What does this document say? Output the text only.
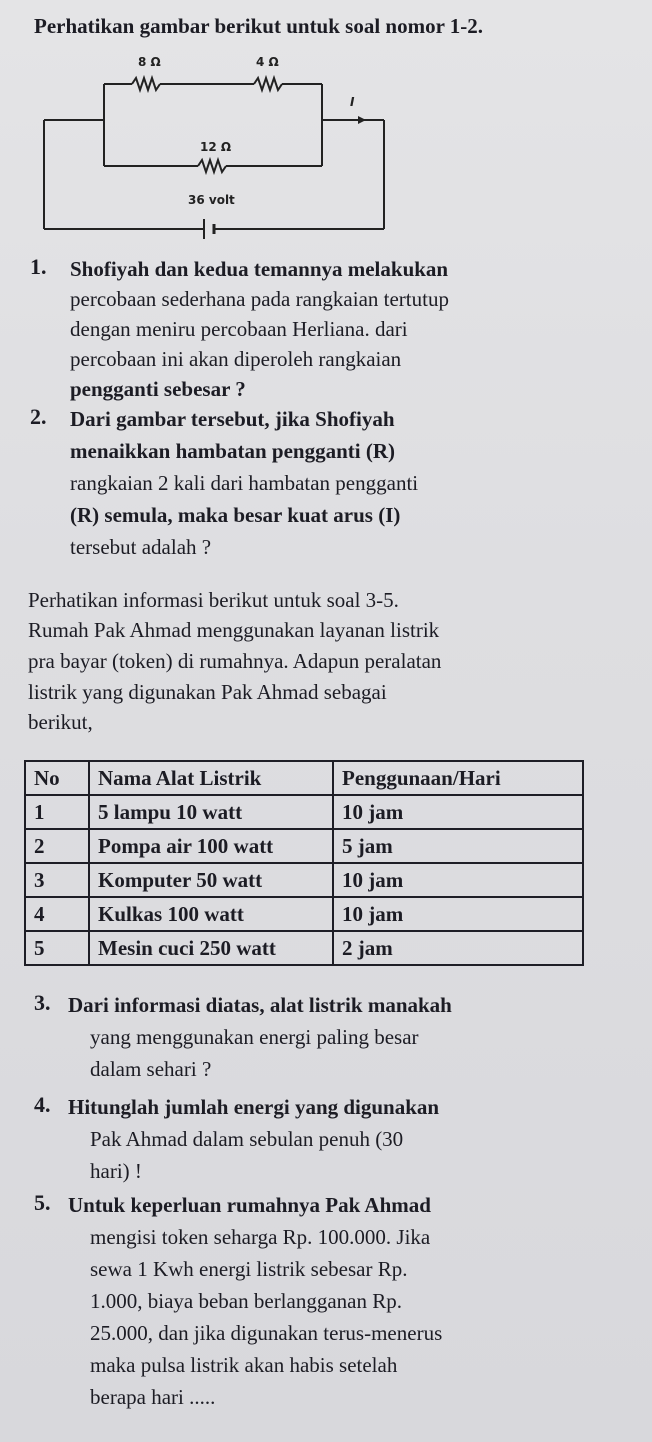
Perhatikan gambar berikut untuk soal nomor 1-2.
8 Ω	4 Ω
12 Ω
36 volt
I
1. Shofiyah dan kedua temannya melakukan
percobaan sederhana pada rangkaian tertutup
dengan meniru percobaan Herliana. dari
percobaan ini akan diperoleh rangkaian
pengganti sebesar ?
2. Dari gambar tersebut, jika Shofiyah
menaikkan hambatan pengganti (R)
rangkaian 2 kali dari hambatan pengganti
(R) semula, maka besar kuat arus (I)
tersebut adalah ?
Perhatikan informasi berikut untuk soal 3-5.
Rumah Pak Ahmad menggunakan layanan listrik
pra bayar (token) di rumahnya. Adapun peralatan
listrik yang digunakan Pak Ahmad sebagai
berikut,
No	Nama Alat Listrik	Penggunaan/Hari
1	5 lampu 10 watt	10 jam
2	Pompa air 100 watt	5 jam
3	Komputer 50 watt	10 jam
4	Kulkas 100 watt	10 jam
5	Mesin cuci 250 watt	2 jam
3. Dari informasi diatas, alat listrik manakah
yang menggunakan energi paling besar
dalam sehari ?
4. Hitunglah jumlah energi yang digunakan
Pak Ahmad dalam sebulan penuh (30
hari) !
5. Untuk keperluan rumahnya Pak Ahmad
mengisi token seharga Rp. 100.000. Jika
sewa 1 Kwh energi listrik sebesar Rp.
1.000, biaya beban berlangganan Rp.
25.000, dan jika digunakan terus-menerus
maka pulsa listrik akan habis setelah
berapa hari .....
